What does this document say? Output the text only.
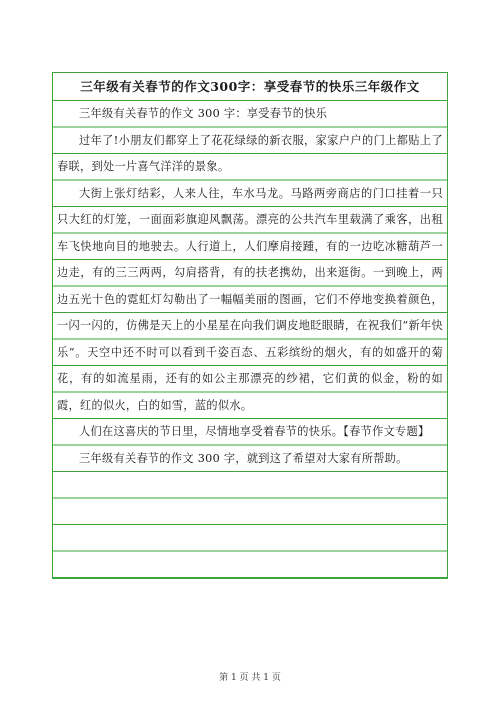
三年级有关春节的作文300字：享受春节的快乐三年级作文

三年级有关春节的作文 300 字：享受春节的快乐

过年了!小朋友们都穿上了花花绿绿的新衣服，家家户户的门上都贴上了春联，到处一片喜气洋洋的景象。

大街上张灯结彩，人来人往，车水马龙。马路两旁商店的门口挂着一只只大红的灯笼，一面面彩旗迎风飘荡。漂亮的公共汽车里载满了乘客，出租车飞快地向目的地驶去。人行道上，人们摩肩接踵，有的一边吃冰糖葫芦一边走，有的三三两两，勾肩搭背，有的扶老携幼，出来逛街。一到晚上，两边五光十色的霓虹灯勾勒出了一幅幅美丽的图画，它们不停地变换着颜色，一闪一闪的，仿佛是天上的小星星在向我们调皮地眨眼睛，在祝我们“新年快乐”。天空中还不时可以看到千姿百态、五彩缤纷的烟火，有的如盛开的菊花，有的如流星雨，还有的如公主那漂亮的纱裙，它们黄的似金，粉的如霞，红的似火，白的如雪，蓝的似水。

人们在这喜庆的节日里，尽情地享受着春节的快乐。【春节作文专题】

三年级有关春节的作文 300 字，就到这了希望对大家有所帮助。

第 1 页 共 1 页
